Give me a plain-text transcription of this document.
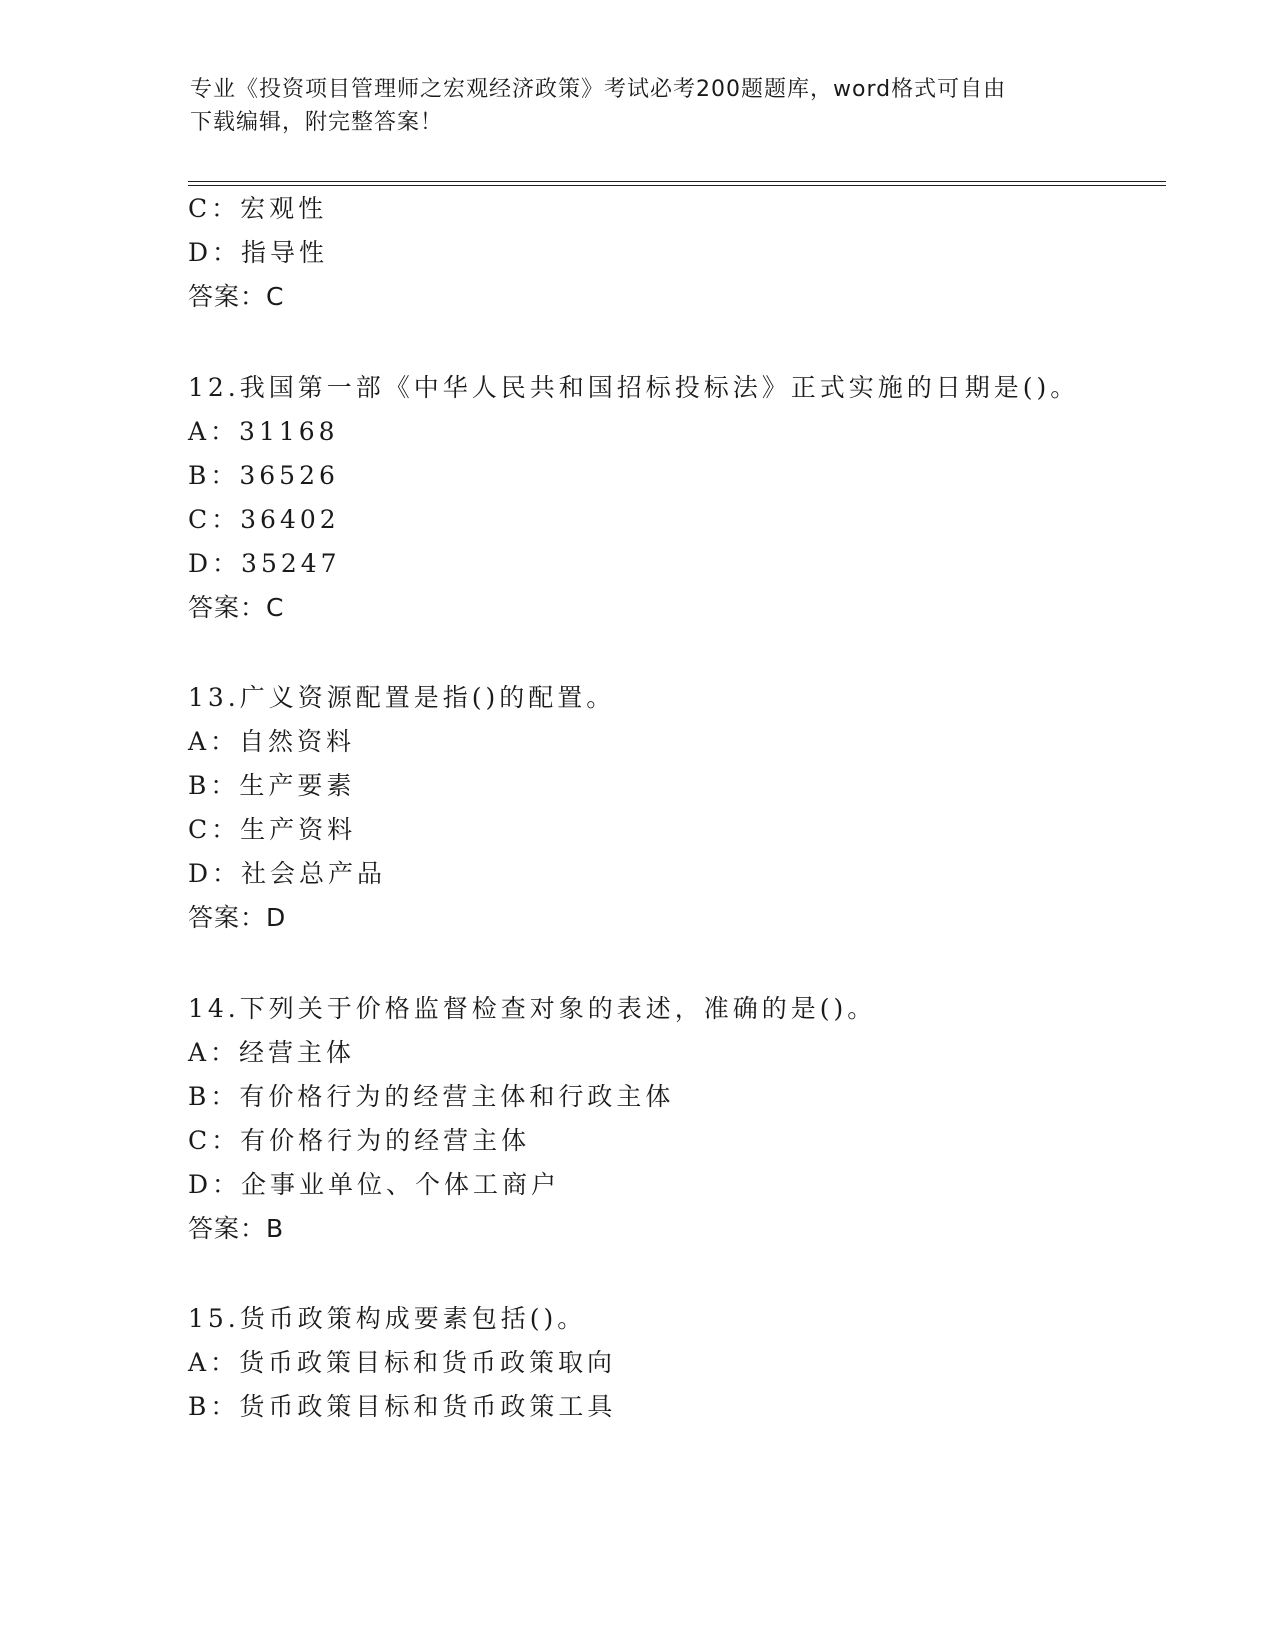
专业《投资项目管理师之宏观经济政策》考试必考200题题库，word格式可自由
下载编辑，附完整答案！
C：宏观性
D：指导性
答案：C
12.我国第一部《中华人民共和国招标投标法》正式实施的日期是()。
A：31168
B：36526
C：36402
D：35247
答案：C
13.广义资源配置是指()的配置。
A：自然资料
B：生产要素
C：生产资料
D：社会总产品
答案：D
14.下列关于价格监督检查对象的表述，准确的是()。
A：经营主体
B：有价格行为的经营主体和行政主体
C：有价格行为的经营主体
D：企事业单位、个体工商户
答案：B
15.货币政策构成要素包括()。
A：货币政策目标和货币政策取向
B：货币政策目标和货币政策工具
